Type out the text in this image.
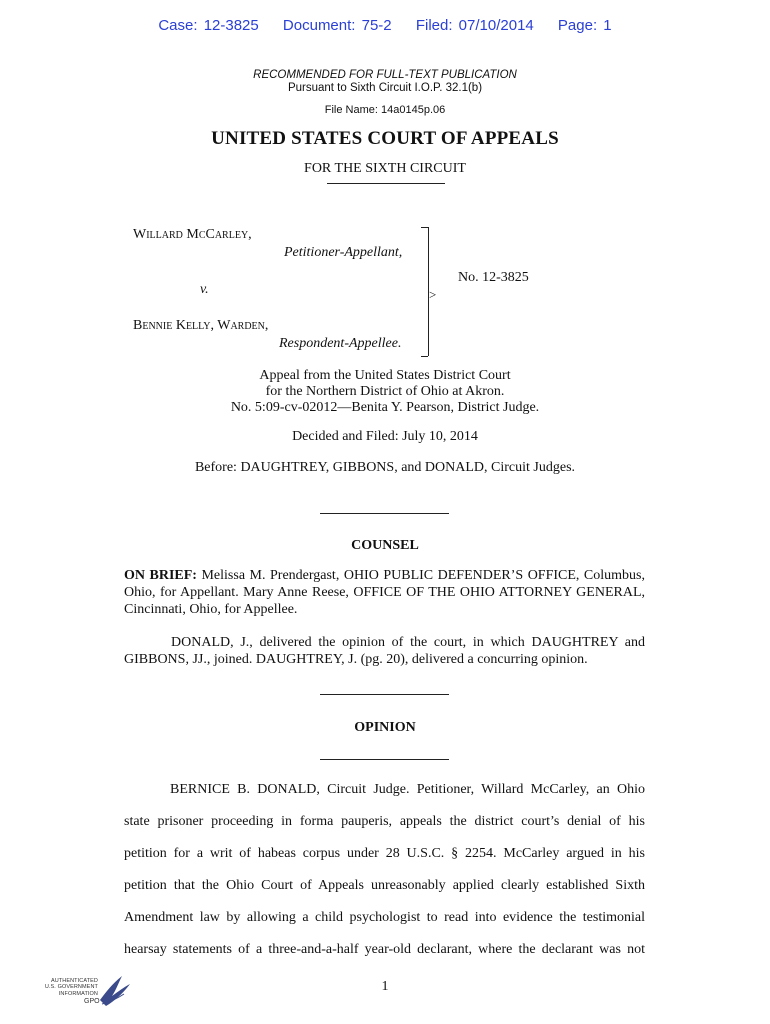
Case: 12-3825 Document: 75-2 Filed: 07/10/2014 Page: 1
RECOMMENDED FOR FULL-TEXT PUBLICATION
Pursuant to Sixth Circuit I.O.P. 32.1(b)
File Name: 14a0145p.06
UNITED STATES COURT OF APPEALS
FOR THE SIXTH CIRCUIT
Willard McCarley,
Petitioner-Appellant,
v.
Bennie Kelly, Warden,
Respondent-Appellee.
>
No. 12-3825
Appeal from the United States District Court
for the Northern District of Ohio at Akron.
No. 5:09-cv-02012—Benita Y. Pearson, District Judge.
Decided and Filed: July 10, 2014
Before: DAUGHTREY, GIBBONS, and DONALD, Circuit Judges.
COUNSEL
ON BRIEF: Melissa M. Prendergast, OHIO PUBLIC DEFENDER’S OFFICE, Columbus, Ohio, for Appellant. Mary Anne Reese, OFFICE OF THE OHIO ATTORNEY GENERAL, Cincinnati, Ohio, for Appellee.
DONALD, J., delivered the opinion of the court, in which DAUGHTREY and GIBBONS, JJ., joined. DAUGHTREY, J. (pg. 20), delivered a concurring opinion.
OPINION
BERNICE B. DONALD, Circuit Judge. Petitioner, Willard McCarley, an Ohio
state prisoner proceeding in forma pauperis, appeals the district court’s denial of his
petition for a writ of habeas corpus under 28 U.S.C. § 2254. McCarley argued in his
petition that the Ohio Court of Appeals unreasonably applied clearly established Sixth
Amendment law by allowing a child psychologist to read into evidence the testimonial
hearsay statements of a three-and-a-half year-old declarant, where the declarant was not
1
AUTHENTICATED
U.S. GOVERNMENT
INFORMATION
GPO
